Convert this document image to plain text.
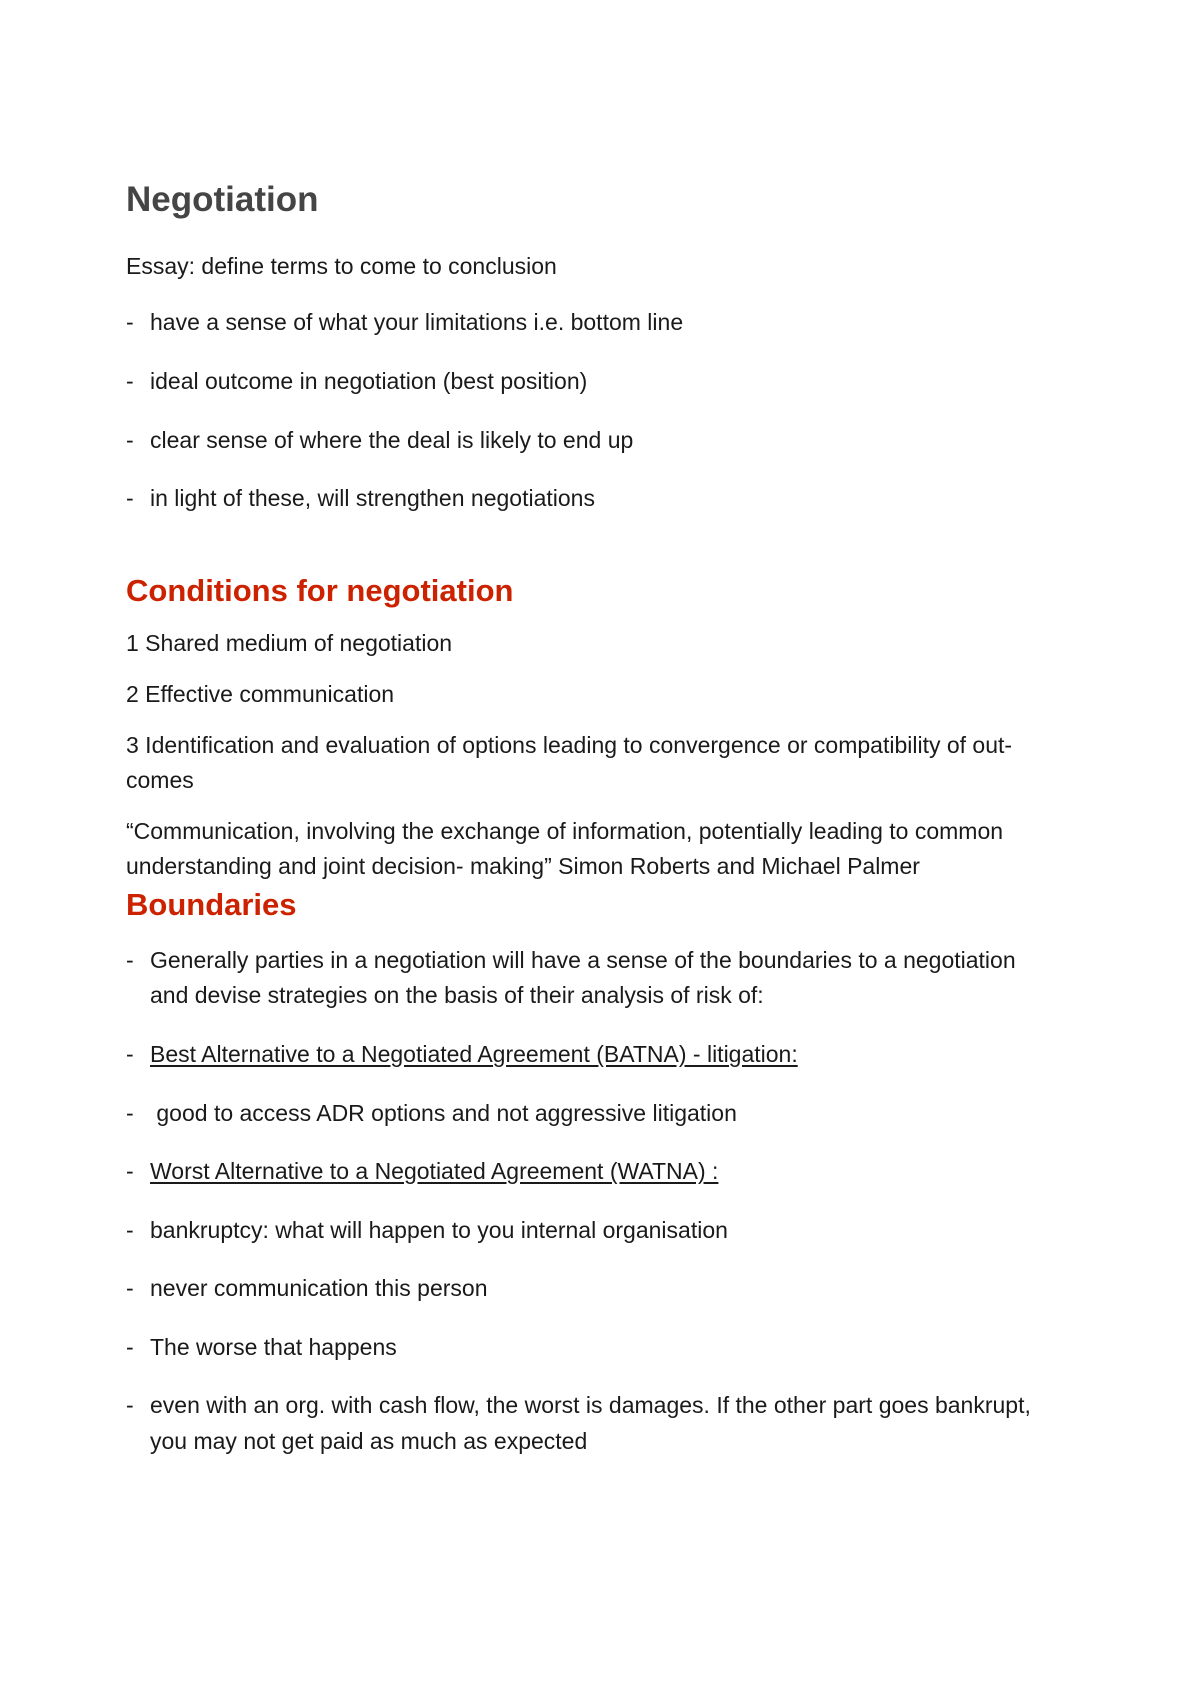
Negotiation
Essay: define terms to come to conclusion
- have a sense of what your limitations i.e. bottom line
- ideal outcome in negotiation (best position)
- clear sense of where the deal is likely to end up
- in light of these, will strengthen negotiations
Conditions for negotiation
1 Shared medium of negotiation
2 Effective communication
3 Identification and evaluation of options leading to convergence or compatibility of out-
comes
“Communication, involving the exchange of information, potentially leading to common
understanding and joint decision- making” Simon Roberts and Michael Palmer
Boundaries
- Generally parties in a negotiation will have a sense of the boundaries to a negotiation
and devise strategies on the basis of their analysis of risk of:
- Best Alternative to a Negotiated Agreement (BATNA) - litigation:
- good to access ADR options and not aggressive litigation
- Worst Alternative to a Negotiated Agreement (WATNA) :
- bankruptcy: what will happen to you internal organisation
- never communication this person
- The worse that happens
- even with an org. with cash flow, the worst is damages. If the other part goes bankrupt,
you may not get paid as much as expected
